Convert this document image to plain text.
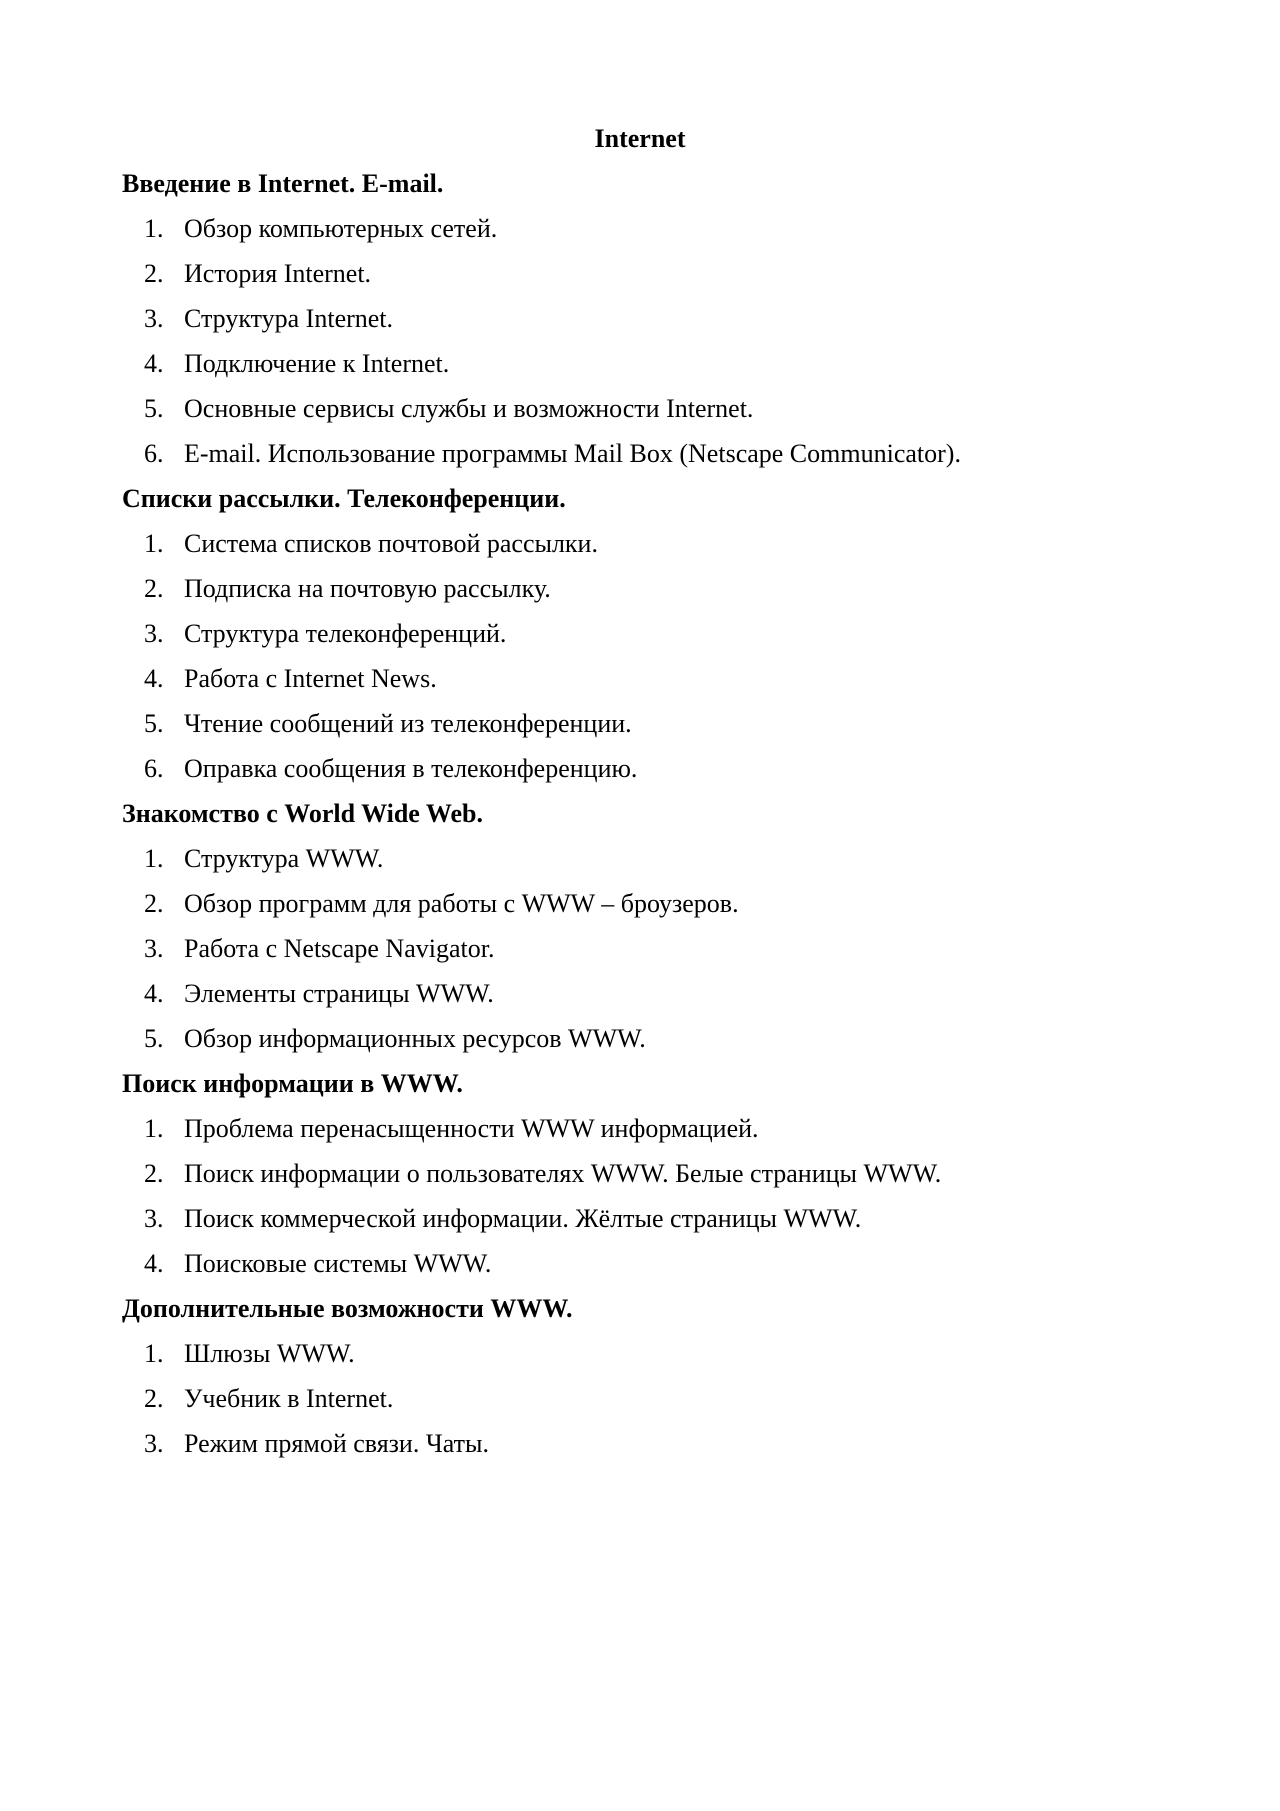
Internet
Введение в Internet. E-mail.
1. Обзор компьютерных сетей.
2. История Internet.
3. Структура Internet.
4. Подключение к Internet.
5. Основные сервисы службы и возможности Internet.
6. E-mail. Использование программы Mail Box (Netscape Communicator).
Списки рассылки. Телеконференции.
1. Система списков почтовой рассылки.
2. Подписка на почтовую рассылку.
3. Структура телеконференций.
4. Работа с Internet News.
5. Чтение сообщений из телеконференции.
6. Оправка сообщения в телеконференцию.
Знакомство с World Wide Web.
1. Структура WWW.
2. Обзор программ для работы с WWW – броузеров.
3. Работа с Netscape Navigator.
4. Элементы страницы WWW.
5. Обзор информационных ресурсов WWW.
Поиск информации в WWW.
1. Проблема перенасыщенности WWW информацией.
2. Поиск информации о пользователях WWW. Белые страницы WWW.
3. Поиск коммерческой информации. Жёлтые страницы WWW.
4. Поисковые системы WWW.
Дополнительные возможности WWW.
1. Шлюзы WWW.
2. Учебник в Internet.
3. Режим прямой связи. Чаты.
